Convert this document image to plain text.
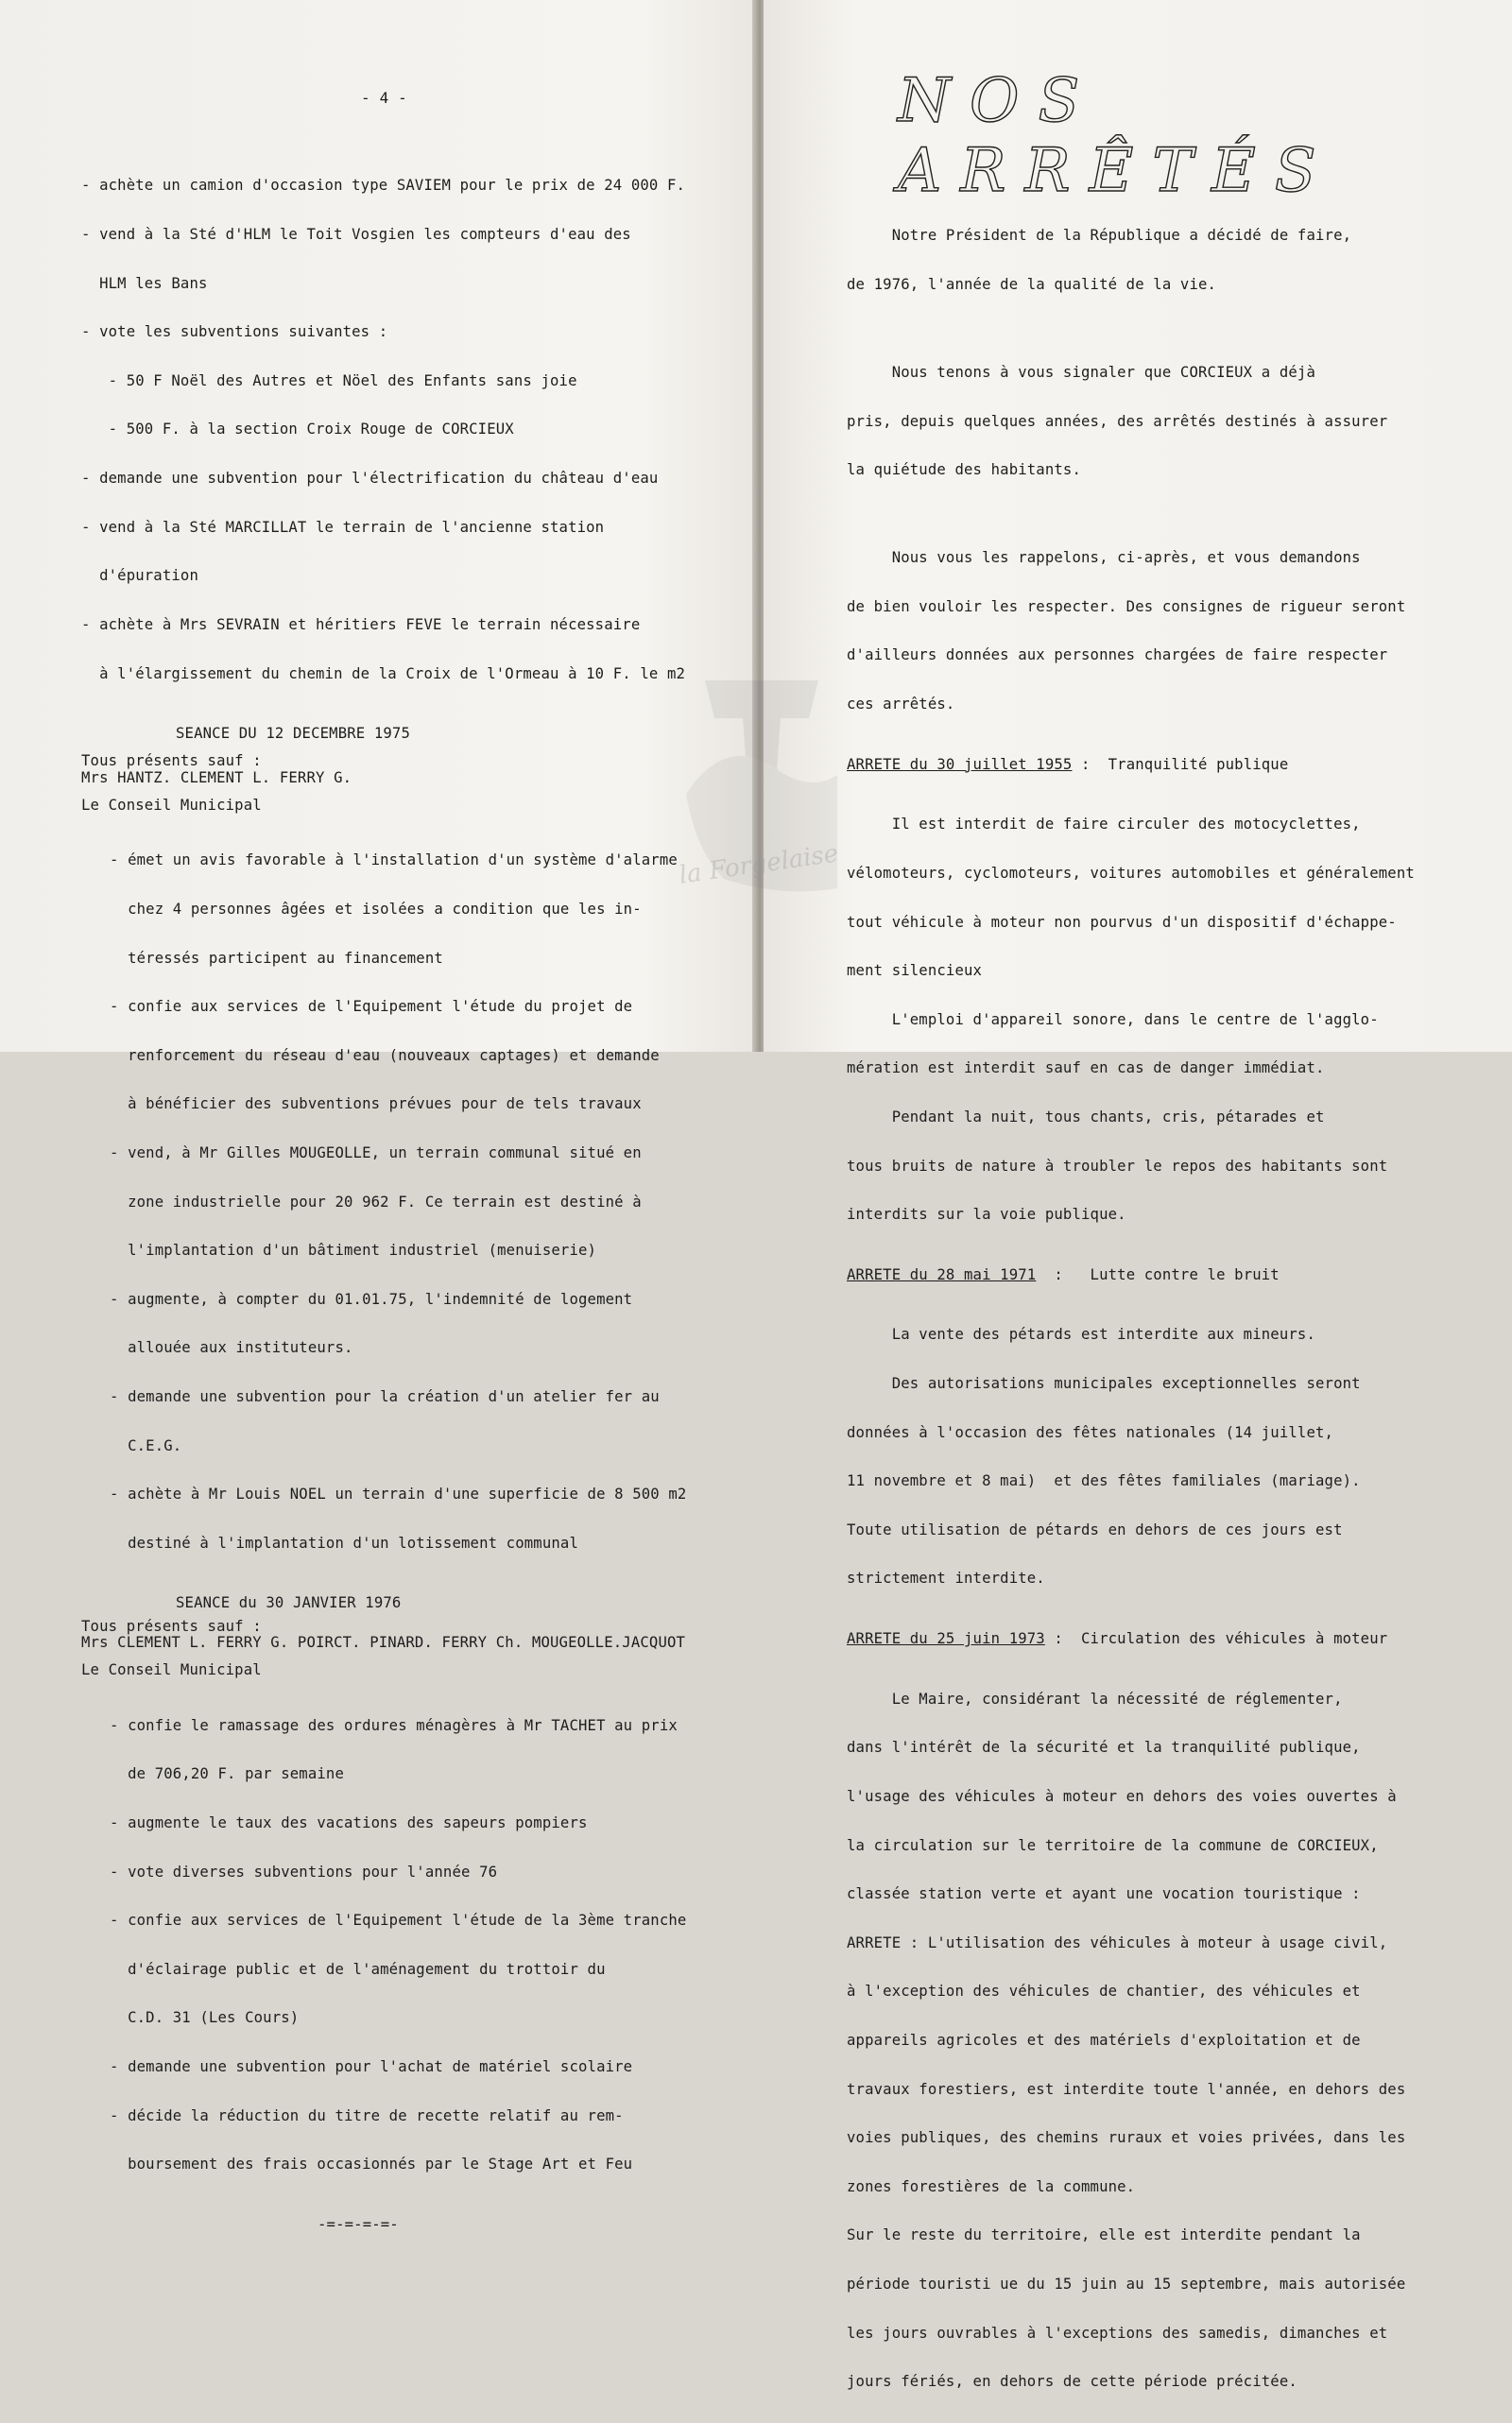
- 4 -

- achète un camion d'occasion type SAVIEM pour le prix de 24 000 F.

- vend à la Sté d'HLM le Toit Vosgien les compteurs d'eau des

HLM les Bans

- vote les subventions suivantes :

- 50 F Noël des Autres et Nöel des Enfants sans joie

- 500 F. à la section Croix Rouge de CORCIEUX

- demande une subvention pour l'électrification du château d'eau

- vend à la Sté MARCILLAT le terrain de l'ancienne station

d'épuration

- achète à Mrs SEVRAIN et héritiers FEVE le terrain nécessaire

à l'élargissement du chemin de la Croix de l'Ormeau à 10 F. le m2

SEANCE DU 12 DECEMBRE 1975
Tous présents sauf :
Mrs HANTZ. CLEMENT L. FERRY G.
Le Conseil Municipal

- émet un avis favorable à l'installation d'un système d'alarme

chez 4 personnes âgées et isolées a condition que les in-

téressés participent au financement

- confie aux services de l'Equipement l'étude du projet de

renforcement du réseau d'eau (nouveaux captages) et demande

à bénéficier des subventions prévues pour de tels travaux

- vend, à Mr Gilles MOUGEOLLE, un terrain communal situé en

zone industrielle pour 20 962 F. Ce terrain est destiné à

l'implantation d'un bâtiment industriel (menuiserie)

- augmente, à compter du 01.01.75, l'indemnité de logement

allouée aux instituteurs.

- demande une subvention pour la création d'un atelier fer au

C.E.G.

- achète à Mr Louis NOEL un terrain d'une superficie de 8 500 m2

destiné à l'implantation d'un lotissement communal

SEANCE du 30 JANVIER 1976
Tous présents sauf :
Mrs CLEMENT L. FERRY G. POIRCT. PINARD. FERRY Ch. MOUGEOLLE.JACQUOT
Le Conseil Municipal

- confie le ramassage des ordures ménagères à Mr TACHET au prix

de 706,20 F. par semaine

- augmente le taux des vacations des sapeurs pompiers

- vote diverses subventions pour l'année 76

- confie aux services de l'Equipement l'étude de la 3ème tranche

d'éclairage public et de l'aménagement du trottoir du

C.D. 31 (Les Cours)

- demande une subvention pour l'achat de matériel scolaire

- décide la réduction du titre de recette relatif au rem-

boursement des frais occasionnés par le Stage Art et Feu

-=-=-=-=-
NOS ARRÊTÉS

Notre Président de la République a décidé de faire,

de 1976, l'année de la qualité de la vie.

Nous tenons à vous signaler que CORCIEUX a déjà

pris, depuis quelques années, des arrêtés destinés à assurer

la quiétude des habitants.

Nous vous les rappelons, ci-après, et vous demandons

de bien vouloir les respecter. Des consignes de rigueur seront

d'ailleurs données aux personnes chargées de faire respecter

ces arrêtés.

ARRETE du 30 juillet 1955 :  Tranquilité publique

Il est interdit de faire circuler des motocyclettes,

vélomoteurs, cyclomoteurs, voitures automobiles et généralement

tout véhicule à moteur non pourvus d'un dispositif d'échappe-

ment silencieux

L'emploi d'appareil sonore, dans le centre de l'agglo-

mération est interdit sauf en cas de danger immédiat.

Pendant la nuit, tous chants, cris, pétarades et

tous bruits de nature à troubler le repos des habitants sont

interdits sur la voie publique.

ARRETE du 28 mai 1971  :   Lutte contre le bruit

La vente des pétards est interdite aux mineurs.

Des autorisations municipales exceptionnelles seront

données à l'occasion des fêtes nationales (14 juillet,

11 novembre et 8 mai)  et des fêtes familiales (mariage).

Toute utilisation de pétards en dehors de ces jours est

strictement interdite.

ARRETE du 25 juin 1973 :  Circulation des véhicules à moteur

Le Maire, considérant la nécessité de réglementer,

dans l'intérêt de la sécurité et la tranquilité publique,

l'usage des véhicules à moteur en dehors des voies ouvertes à

la circulation sur le territoire de la commune de CORCIEUX,

classée station verte et ayant une vocation touristique :

ARRETE : L'utilisation des véhicules à moteur à usage civil,

à l'exception des véhicules de chantier, des véhicules et

appareils agricoles et des matériels d'exploitation et de

travaux forestiers, est interdite toute l'année, en dehors des

voies publiques, des chemins ruraux et voies privées, dans les

zones forestières de la commune.

Sur le reste du territoire, elle est interdite pendant la

période touristi ue du 15 juin au 15 septembre, mais autorisée

les jours ouvrables à l'exceptions des samedis, dimanches et

jours fériés, en dehors de cette période précitée.

la Forgelaise
